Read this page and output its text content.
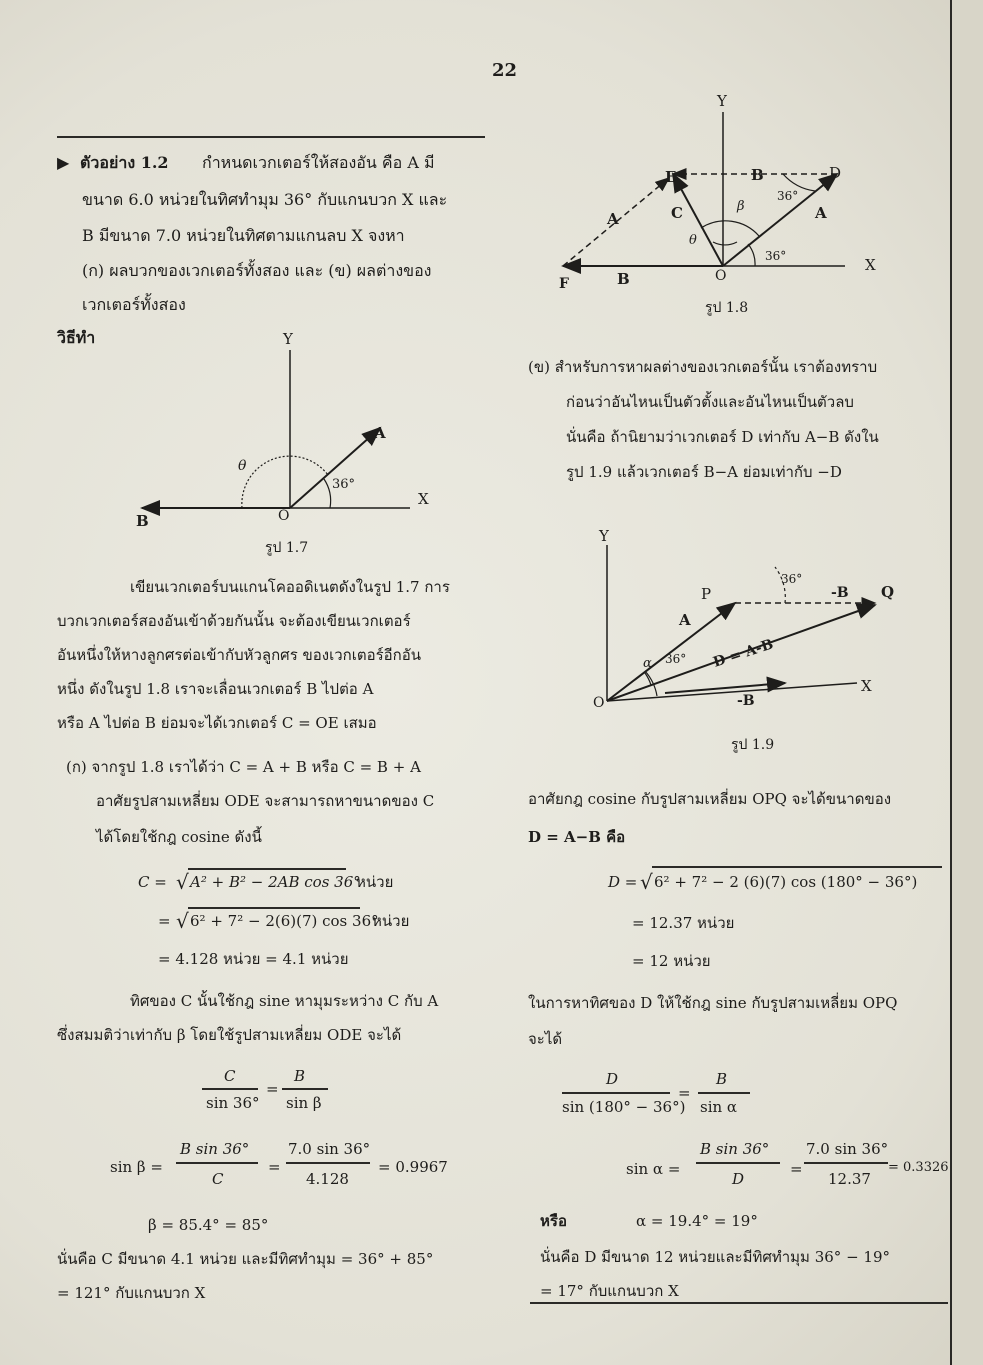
22
▶ ตัวอย่าง 1.2 กำหนดเวกเตอร์ให้สองอัน คือ A มี
ขนาด 6.0 หน่วยในทิศทำมุม 36° กับแกนบวก X และ
B มีขนาด 7.0 หน่วยในทิศตามแกนลบ X จงหา
(ก) ผลบวกของเวกเตอร์ทั้งสอง และ (ข) ผลต่างของ
เวกเตอร์ทั้งสอง
วิธีทำ	Y
X
A
B	O
θ
36°
รูป 1.7
เขียนเวกเตอร์บนแกนโคออดิเนตดังในรูป 1.7 การ
บวกเวกเตอร์สองอันเข้าด้วยกันนั้น จะต้องเขียนเวกเตอร์
อันหนึ่งให้หางลูกศรต่อเข้ากับหัวลูกศร ของเวกเตอร์อีกอัน
หนึ่ง ดังในรูป 1.8 เราจะเลื่อนเวกเตอร์ B ไปต่อ A
หรือ A ไปต่อ B ย่อมจะได้เวกเตอร์ C = OE เสมอ
(ก) จากรูป 1.8 เราได้ว่า C = A + B หรือ C = B + A
อาศัยรูปสามเหลี่ยม ODE จะสามารถหาขนาดของ C
ได้โดยใช้กฎ cosine ดังนี้
C = √ A² + B² − 2AB cos 36°
หน่วย
= √ 6² + 7² − 2(6)(7) cos 36°
หน่วย
= 4.128 หน่วย = 4.1 หน่วย
ทิศของ C นั้นใช้กฎ sine หามุมระหว่าง C กับ A
ซึ่งสมมติว่าเท่ากับ β โดยใช้รูปสามเหลี่ยม ODE จะได้
C
sin 36°
=
B
sin β
sin β =
B sin 36°
C
=
7.0 sin 36°
4.128
= 0.9967
β = 85.4° = 85°
นั่นคือ C มีขนาด 4.1 หน่วย และมีทิศทำมุม = 36° + 85°
= 121° กับแกนบวก X
Y
X
E	D
F	O
A	A
B
B
C	β
θ
36°
36°
รูป 1.8
(ข) สำหรับการหาผลต่างของเวกเตอร์นั้น เราต้องทราบ
ก่อนว่าอันไหนเป็นตัวตั้งและอันไหนเป็นตัวลบ
นั่นคือ ถ้านิยามว่าเวกเตอร์ D เท่ากับ A−B ดังใน
รูป 1.9 แล้วเวกเตอร์ B−A ย่อมเท่ากับ −D
Y
X
P	Q
O
A
α
36°
36°
-B
-B
D = A-B
รูป 1.9
อาศัยกฎ cosine กับรูปสามเหลี่ยม OPQ จะได้ขนาดของ
D = A−B คือ
D = √ 6² + 7² − 2 (6)(7) cos (180° − 36°)
= 12.37 หน่วย
= 12 หน่วย
ในการหาทิศของ D ให้ใช้กฎ sine กับรูปสามเหลี่ยม OPQ
จะได้
D
sin (180° − 36°)
=
B
sin α
sin α =
B sin 36°
D
=
7.0 sin 36°
12.37
= 0.3326
หรือ	α = 19.4° = 19°
นั่นคือ D มีขนาด 12 หน่วยและมีทิศทำมุม 36° − 19°
= 17° กับแกนบวก X
